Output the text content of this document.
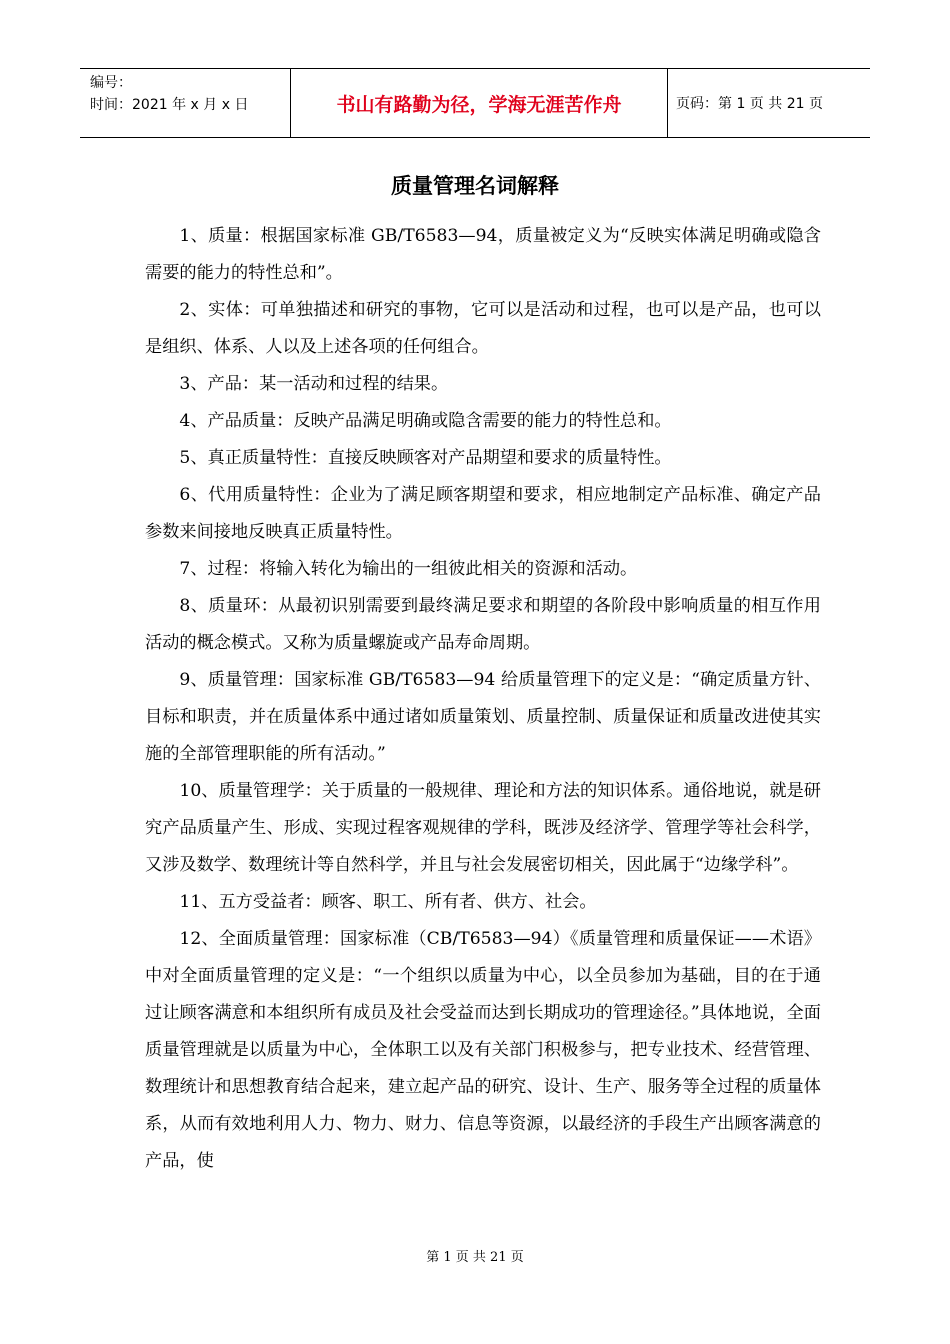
编号：
时间：2021 年 x 月 x 日	书山有路勤为径，学海无涯苦作舟	页码：第 1 页 共 21 页
质量管理名词解释

1、质量：根据国家标准 GB/T6583—94，质量被定义为“反映实体满足明确或隐含需要的能力的特性总和”。

2、实体：可单独描述和研究的事物，它可以是活动和过程，也可以是产品，也可以是组织、体系、人以及上述各项的任何组合。

3、产品：某一活动和过程的结果。

4、产品质量：反映产品满足明确或隐含需要的能力的特性总和。

5、真正质量特性：直接反映顾客对产品期望和要求的质量特性。

6、代用质量特性：企业为了满足顾客期望和要求，相应地制定产品标准、确定产品参数来间接地反映真正质量特性。

7、过程：将输入转化为输出的一组彼此相关的资源和活动。

8、质量环：从最初识别需要到最终满足要求和期望的各阶段中影响质量的相互作用活动的概念模式。又称为质量螺旋或产品寿命周期。

9、质量管理：国家标准 GB/T6583—94 给质量管理下的定义是：“确定质量方针、目标和职责，并在质量体系中通过诸如质量策划、质量控制、质量保证和质量改进使其实施的全部管理职能的所有活动。”

10、质量管理学：关于质量的一般规律、理论和方法的知识体系。通俗地说，就是研究产品质量产生、形成、实现过程客观规律的学科，既涉及经济学、管理学等社会科学，又涉及数学、数理统计等自然科学，并且与社会发展密切相关，因此属于“边缘学科”。

11、五方受益者：顾客、职工、所有者、供方、社会。

12、全面质量管理：国家标准（CB/T6583—94）《质量管理和质量保证——术语》中对全面质量管理的定义是：“一个组织以质量为中心，以全员参加为基础，目的在于通过让顾客满意和本组织所有成员及社会受益而达到长期成功的管理途径。”具体地说，全面质量管理就是以质量为中心，全体职工以及有关部门积极参与，把专业技术、经营管理、数理统计和思想教育结合起来，建立起产品的研究、设计、生产、服务等全过程的质量体系，从而有效地利用人力、物力、财力、信息等资源，以最经济的手段生产出顾客满意的产品，使

第 1 页 共 21 页
